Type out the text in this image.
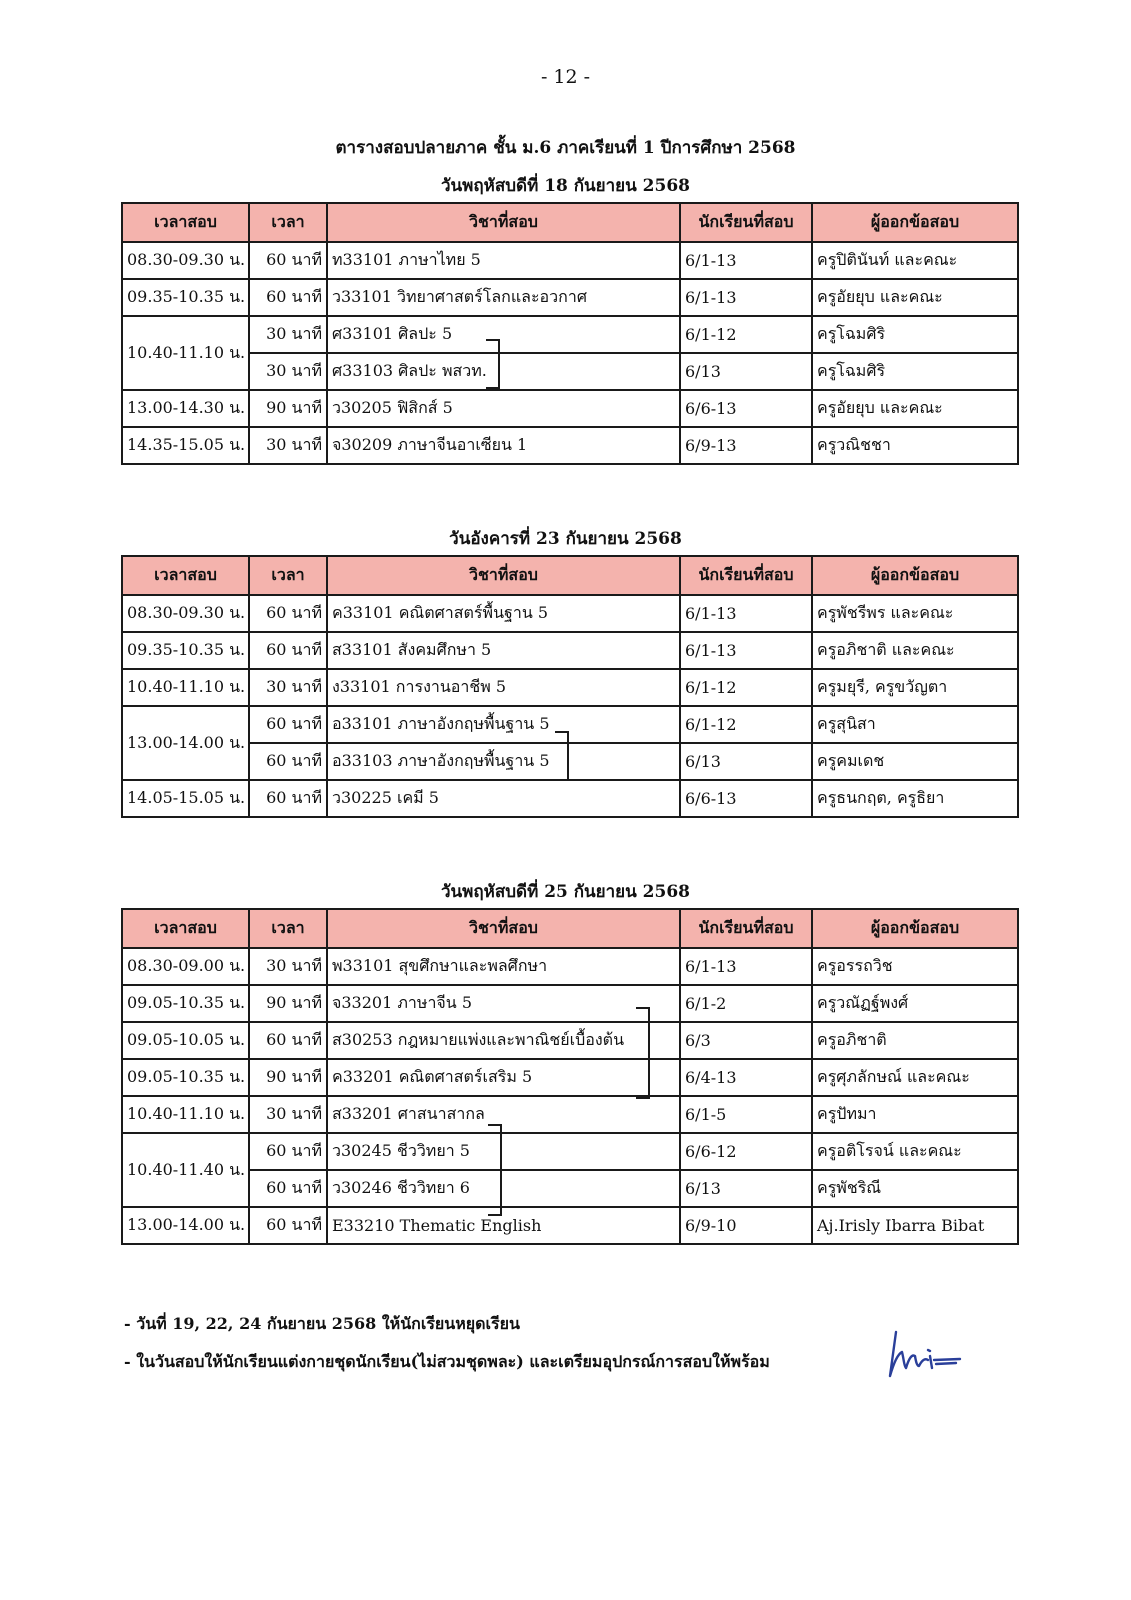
- 12 -
ตารางสอบปลายภาค ชั้น ม.6 ภาคเรียนที่ 1 ปีการศึกษา 2568
วันพฤหัสบดีที่ 18 กันยายน 2568
เวลาสอบ	เวลา	วิชาที่สอบ	นักเรียนที่สอบ	ผู้ออกข้อสอบ
08.30-09.30 น.	60 นาที	ท33101 ภาษาไทย 5	6/1-13	ครูปิตินันท์ และคณะ
09.35-10.35 น.	60 นาที	ว33101 วิทยาศาสตร์โลกและอวกาศ	6/1-13	ครูอัยยุบ และคณะ
10.40-11.10 น.	30 นาที	ศ33101 ศิลปะ 5	6/1-12	ครูโฉมศิริ
	30 นาที	ศ33103 ศิลปะ พสวท.	6/13	ครูโฉมศิริ
13.00-14.30 น.	90 นาที	ว30205 ฟิสิกส์ 5	6/6-13	ครูอัยยุบ และคณะ
14.35-15.05 น.	30 นาที	จ30209 ภาษาจีนอาเซียน 1	6/9-13	ครูวณิชชา
วันอังคารที่ 23 กันยายน 2568
เวลาสอบ	เวลา	วิชาที่สอบ	นักเรียนที่สอบ	ผู้ออกข้อสอบ
08.30-09.30 น.	60 นาที	ค33101 คณิตศาสตร์พื้นฐาน 5	6/1-13	ครูพัชรีพร และคณะ
09.35-10.35 น.	60 นาที	ส33101 สังคมศึกษา 5	6/1-13	ครูอภิชาติ และคณะ
10.40-11.10 น.	30 นาที	ง33101 การงานอาชีพ 5	6/1-12	ครูมยุรี, ครูขวัญตา
13.00-14.00 น.	60 นาที	อ33101 ภาษาอังกฤษพื้นฐาน 5	6/1-12	ครูสุนิสา
	60 นาที	อ33103 ภาษาอังกฤษพื้นฐาน 5	6/13	ครูคมเดช
14.05-15.05 น.	60 นาที	ว30225 เคมี 5	6/6-13	ครูธนกฤต, ครูธิยา
วันพฤหัสบดีที่ 25 กันยายน 2568
เวลาสอบ	เวลา	วิชาที่สอบ	นักเรียนที่สอบ	ผู้ออกข้อสอบ
08.30-09.00 น.	30 นาที	พ33101 สุขศึกษาและพลศึกษา	6/1-13	ครูอรรถวิช
09.05-10.35 น.	90 นาที	จ33201 ภาษาจีน 5	6/1-2	ครูวณัฏฐ์พงศ์
09.05-10.05 น.	60 นาที	ส30253 กฎหมายแพ่งและพาณิชย์เบื้องต้น	6/3	ครูอภิชาติ
09.05-10.35 น.	90 นาที	ค33201 คณิตศาสตร์เสริม 5	6/4-13	ครูศุภลักษณ์ และคณะ
10.40-11.10 น.	30 นาที	ส33201 ศาสนาสากล	6/1-5	ครูปัทมา
10.40-11.40 น.	60 นาที	ว30245 ชีววิทยา 5	6/6-12	ครูอติโรจน์ และคณะ
	60 นาที	ว30246 ชีววิทยา 6	6/13	ครูพัชริณี
13.00-14.00 น.	60 นาที	E33210 Thematic English	6/9-10	Aj.Irisly Ibarra Bibat
- วันที่ 19, 22, 24 กันยายน 2568 ให้นักเรียนหยุดเรียน
- ในวันสอบให้นักเรียนแต่งกายชุดนักเรียน(ไม่สวมชุดพละ) และเตรียมอุปกรณ์การสอบให้พร้อม
